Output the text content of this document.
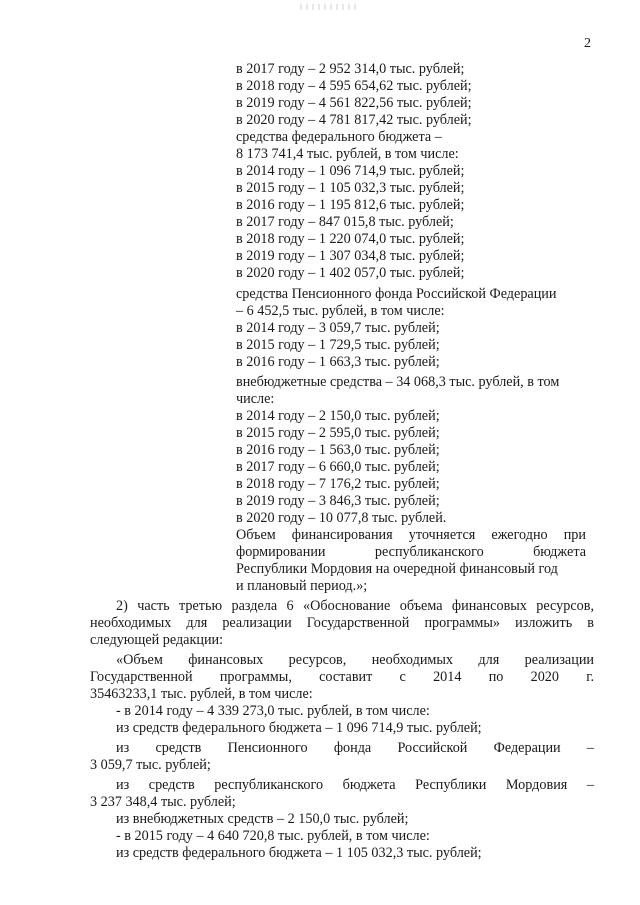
2
в 2017 году – 2 952 314,0 тыс. рублей;
в 2018 году – 4 595 654,62 тыс. рублей;
в 2019 году – 4 561 822,56 тыс. рублей;
в 2020 году – 4 781 817,42 тыс. рублей;
средства федерального бюджета –
8 173 741,4 тыс. рублей, в том числе:
в 2014 году – 1 096 714,9 тыс. рублей;
в 2015 году – 1 105 032,3 тыс. рублей;
в 2016 году – 1 195 812,6 тыс. рублей;
в 2017 году – 847 015,8 тыс. рублей;
в 2018 году – 1 220 074,0 тыс. рублей;
в 2019 году – 1 307 034,8 тыс. рублей;
в 2020 году – 1 402 057,0 тыс. рублей;
средства Пенсионного фонда Российской Федерации
– 6 452,5 тыс. рублей, в том числе:
в 2014 году – 3 059,7 тыс. рублей;
в 2015 году – 1 729,5 тыс. рублей;
в 2016 году – 1 663,3 тыс. рублей;
внебюджетные средства – 34 068,3 тыс. рублей, в том
числе:
в 2014 году – 2 150,0 тыс. рублей;
в 2015 году – 2 595,0 тыс. рублей;
в 2016 году – 1 563,0 тыс. рублей;
в 2017 году – 6 660,0 тыс. рублей;
в 2018 году – 7 176,2 тыс. рублей;
в 2019 году – 3 846,3 тыс. рублей;
в 2020 году – 10 077,8 тыс. рублей.
Объем финансирования уточняется ежегодно при
формировании республиканского бюджета
Республики Мордовия на очередной финансовый год
и плановый период.»;
2) часть третью раздела 6 «Обоснование объема финансовых ресурсов,
необходимых для реализации Государственной программы» изложить в
следующей редакции:
«Объем финансовых ресурсов, необходимых для реализации
Государственной программы, составит с 2014 по 2020 г.
35463233,1 тыс. рублей, в том числе:
- в 2014 году – 4 339 273,0 тыс. рублей, в том числе:
из средств федерального бюджета – 1 096 714,9 тыс. рублей;
из средств Пенсионного фонда Российской Федерации –
3 059,7 тыс. рублей;
из средств республиканского бюджета Республики Мордовия –
3 237 348,4 тыс. рублей;
из внебюджетных средств – 2 150,0 тыс. рублей;
- в 2015 году – 4 640 720,8 тыс. рублей, в том числе:
из средств федерального бюджета – 1 105 032,3 тыс. рублей;
